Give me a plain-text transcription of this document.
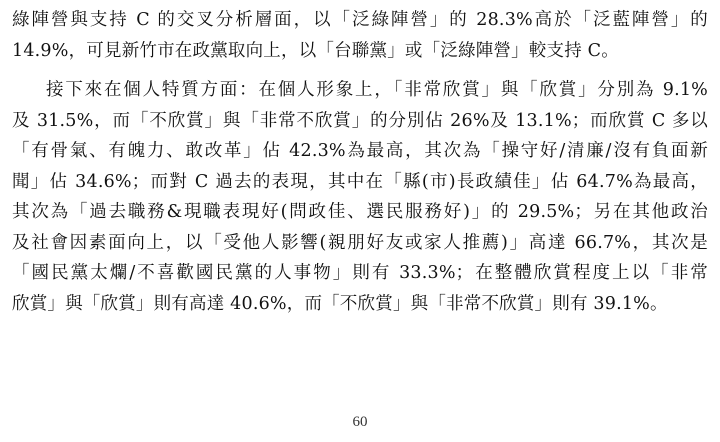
綠陣營與支持 C 的交叉分析層面，以「泛綠陣營」的 28.3%高於「泛藍陣營」的
14.9%，可見新竹市在政黨取向上，以「台聯黨」或「泛綠陣營」較支持 C。
接下來在個人特質方面：在個人形象上，「非常欣賞」與「欣賞」分別為 9.1%
及 31.5%，而「不欣賞」與「非常不欣賞」的分別佔 26%及 13.1%；而欣賞 C 多以
「有骨氣、有魄力、敢改革」佔 42.3%為最高，其次為「操守好/清廉/沒有負面新
聞」佔 34.6%；而對 C 過去的表現，其中在「縣(市)長政績佳」佔 64.7%為最高，
其次為「過去職務&現職表現好(問政佳、選民服務好)」的 29.5%；另在其他政治
及社會因素面向上，以「受他人影響(親朋好友或家人推薦)」高達 66.7%，其次是
「國民黨太爛/不喜歡國民黨的人事物」則有 33.3%；在整體欣賞程度上以「非常
欣賞」與「欣賞」則有高達 40.6%，而「不欣賞」與「非常不欣賞」則有 39.1%。
60
